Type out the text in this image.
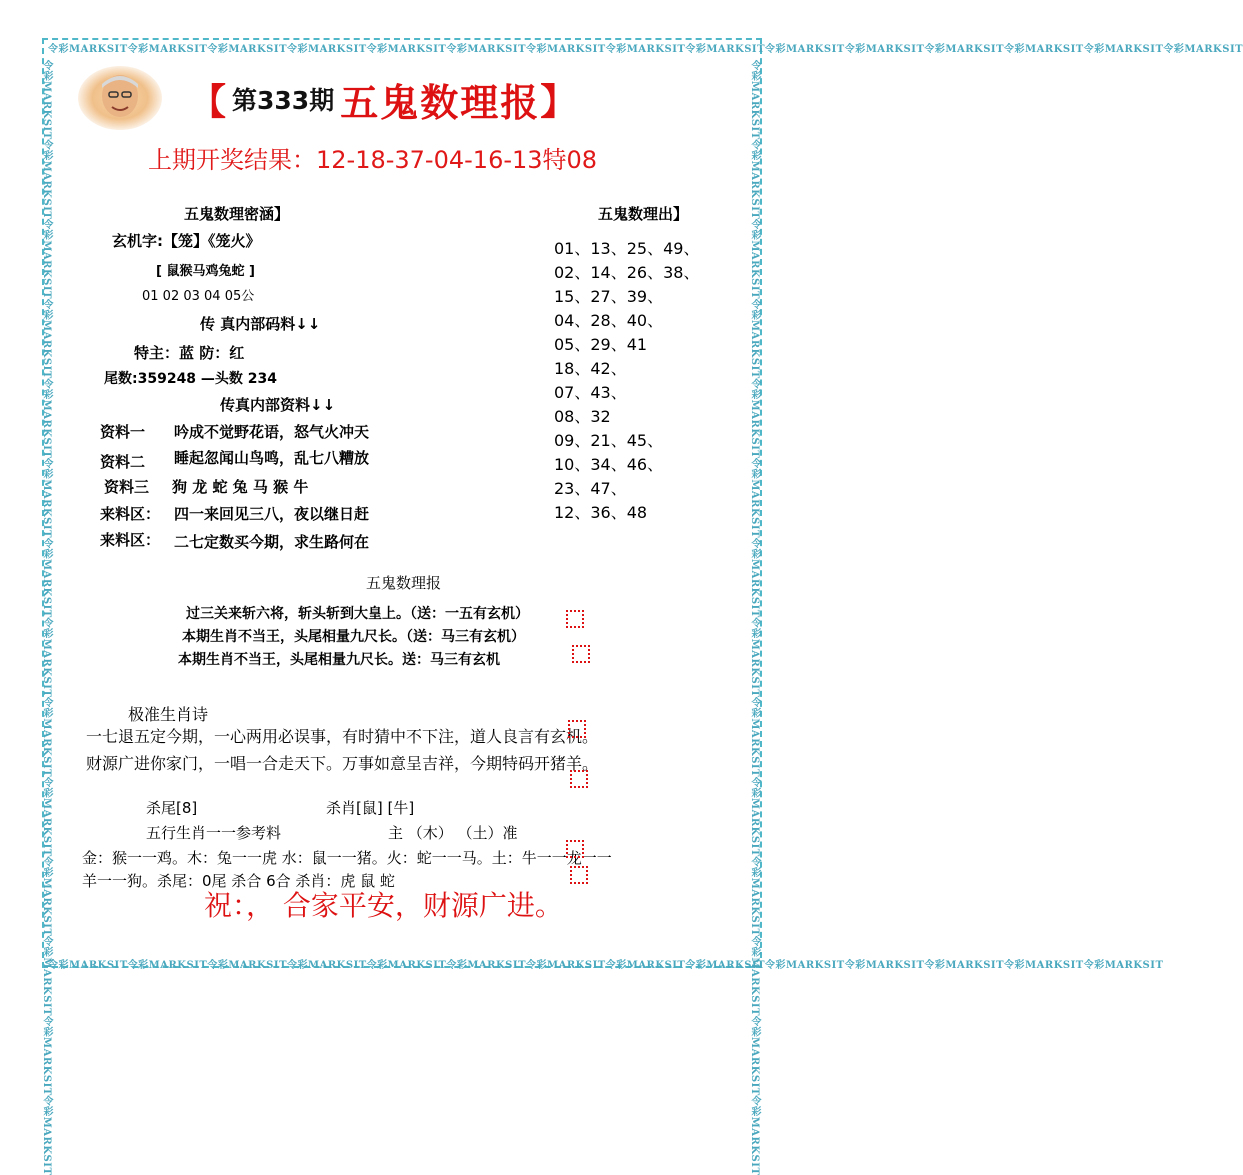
令彩MARKSIT令彩MARKSIT令彩MARKSIT令彩MARKSIT令彩MARKSIT令彩MARKSIT令彩MARKSIT令彩MARKSIT令彩MARKSIT令彩MARKSIT令彩MARKSIT令彩MARKSIT令彩MARKSIT令彩MARKSIT令彩MARKSIT
令彩MARKSIT令彩MARKSIT令彩MARKSIT令彩MARKSIT令彩MARKSIT令彩MARKSIT令彩MARKSIT令彩MARKSIT令彩MARKSIT令彩MARKSIT令彩MARKSIT令彩MARKSIT令彩MARKSIT令彩MARKSIT
令彩MARKSIT令彩MARKSIT令彩MARKSIT令彩MARKSIT令彩MARKSIT令彩MARKSIT令彩MARKSIT令彩MARKSIT令彩MARKSIT令彩MARKSIT令彩MARKSIT令彩MARKSIT令彩MARKSIT令彩MARKSIT	令彩MARKSIT令彩MARKSIT令彩MARKSIT令彩MARKSIT令彩MARKSIT令彩MARKSIT令彩MARKSIT令彩MARKSIT令彩MARKSIT令彩MARKSIT令彩MARKSIT令彩MARKSIT令彩MARKSIT令彩MARKSIT
【 第333期 五鬼数理报 】
上期开奖结果：12-18-37-04-16-13特08
五鬼数理密涵】
玄机字:【笼】《笼火》
[ 鼠猴马鸡兔蛇 ]
01 02 03 04 05公
传 真内部码料↓↓
特主：蓝 防：红
尾数:359248 —头数 234
传真内部资料↓↓
资料一 吟成不觉野花语，怒气火冲天
资料二 睡起忽闻山鸟鸣，乱七八糟放
资料三 狗 龙 蛇 兔 马 猴 牛
来料区： 四一来回见三八，夜以继日赶
来料区： 二七定数买今期，求生路何在
五鬼数理出】
01、13、25、49、
02、14、26、38、
15、27、39、
04、28、40、
05、29、41
18、42、
07、43、
08、32
09、21、45、
10、34、46、
23、47、
12、36、48
五鬼数理报
过三关来斩六将，斩头斩到大皇上。（送：一五有玄机）
本期生肖不当王，头尾相量九尺长。（送：马三有玄机）
本期生肖不当王，头尾相量九尺长。送：马三有玄机
极准生肖诗
一七退五定今期，一心两用必误事，有时猜中不下注，道人良言有玄机。
财源广进你家门，一唱一合走天下。万事如意呈吉祥，今期特码开猪羊。
杀尾[8]	杀肖[鼠] [牛]
五行生肖一一参考料	主 （木） （土）准
金：猴一一鸡。木：兔一一虎 水：鼠一一猪。火：蛇一一马。土：牛一一龙一一
羊一一狗。杀尾：0尾 杀合 6合 杀肖：虎 鼠 蛇
祝：， 合家平安，财源广进。
